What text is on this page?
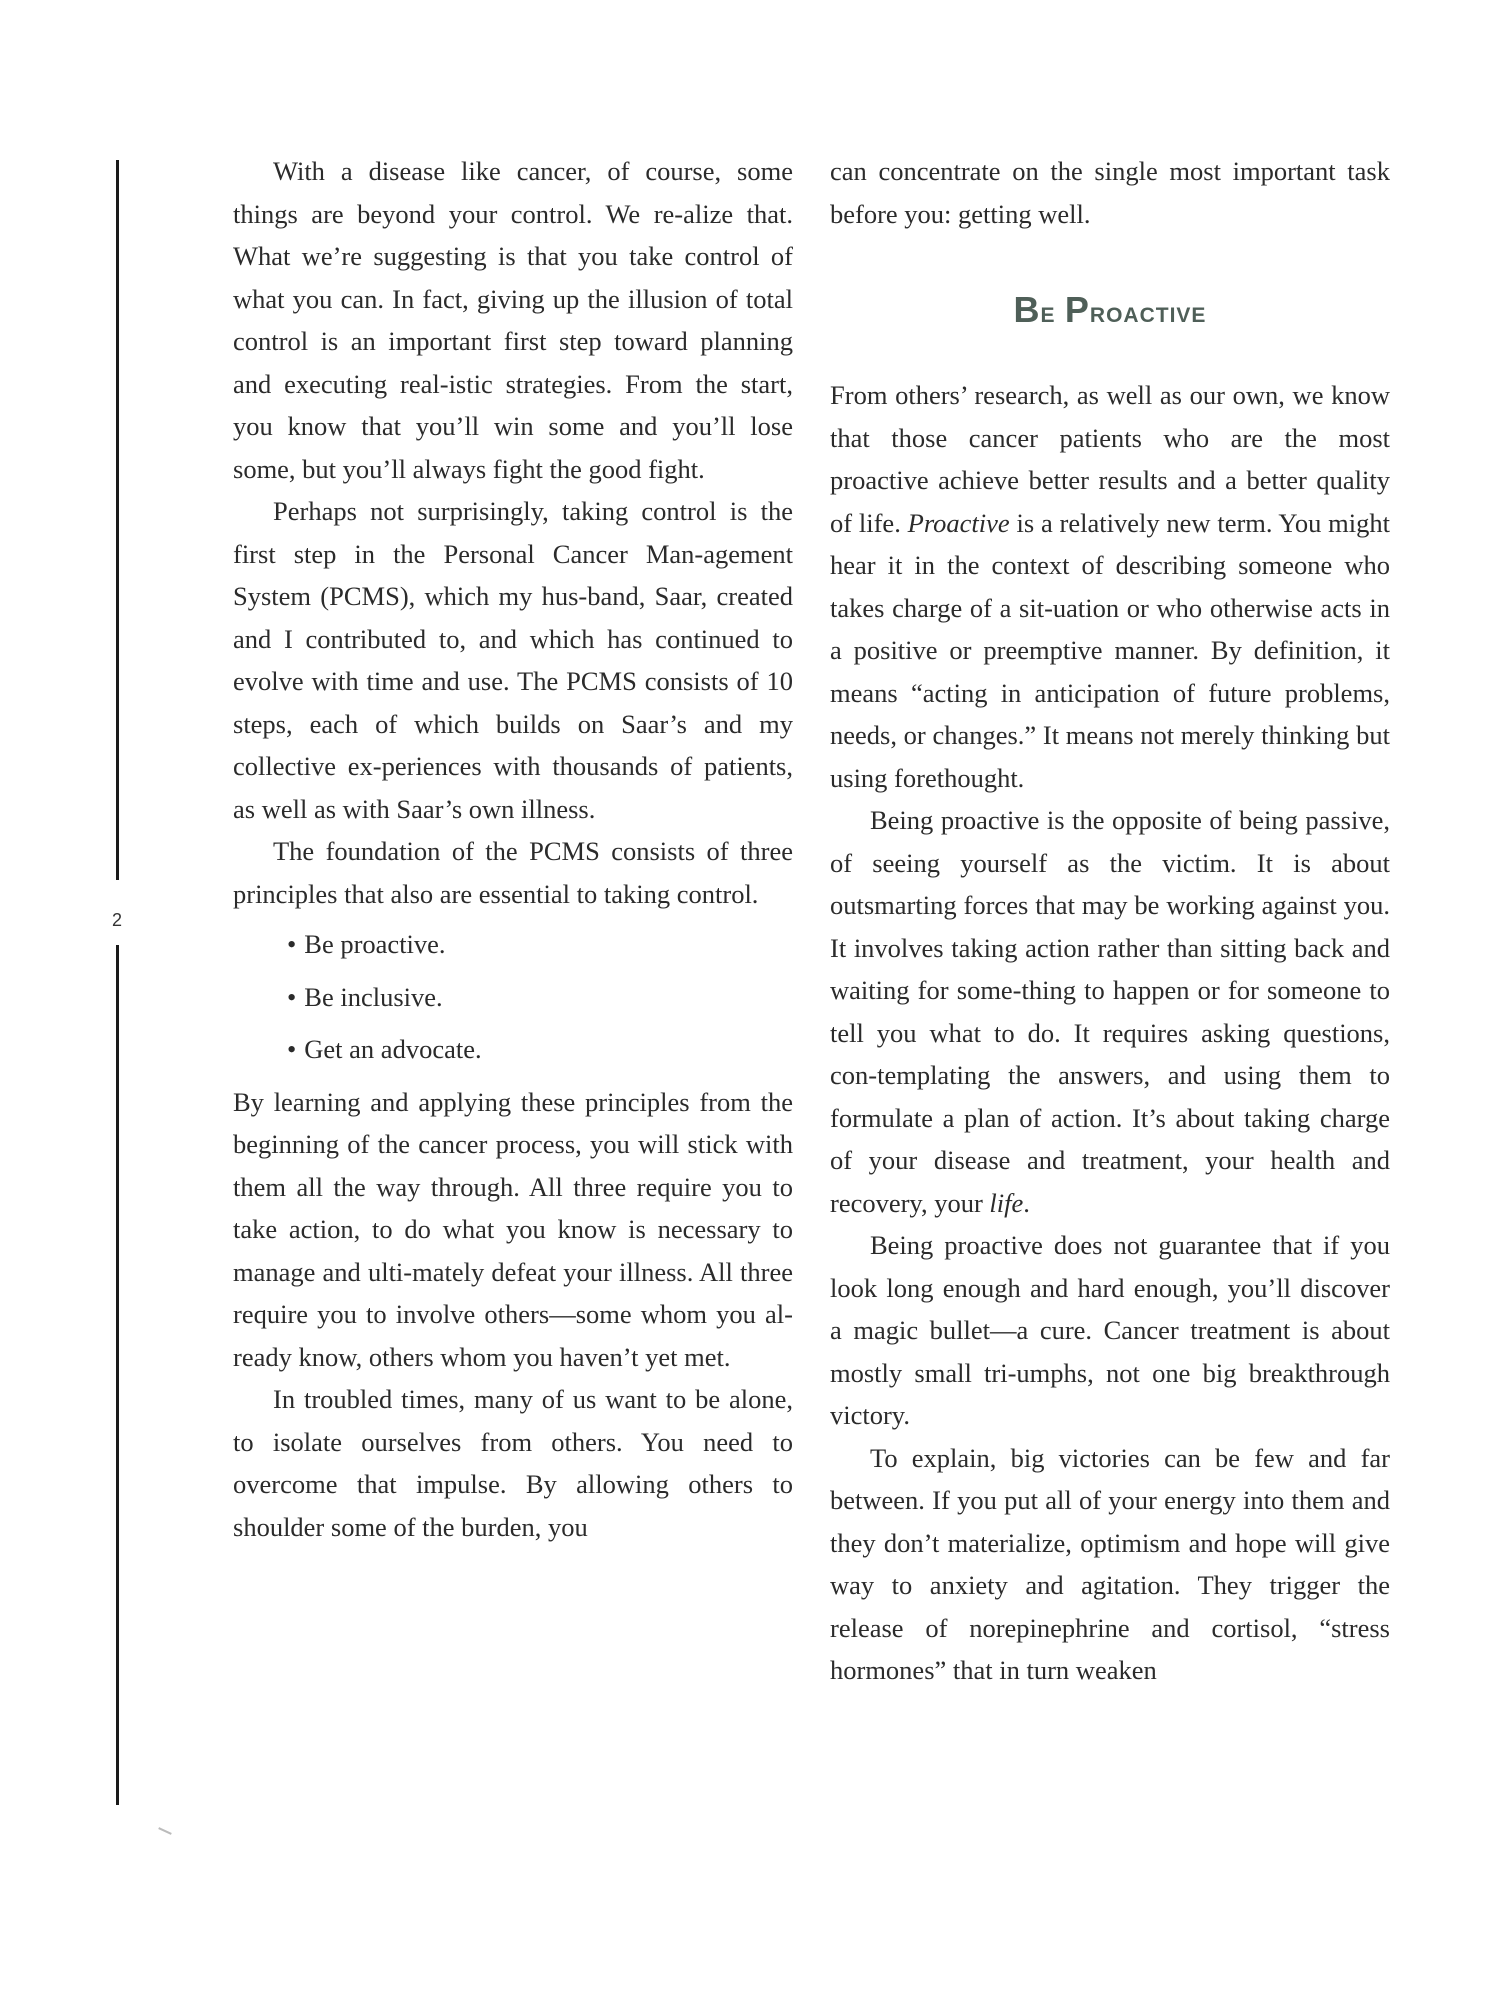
2

With a disease like cancer, of course, some things are beyond your control. We re-alize that. What we’re suggesting is that you take control of what you can. In fact, giving up the illusion of total control is an important first step toward planning and executing real-istic strategies. From the start, you know that you’ll win some and you’ll lose some, but you’ll always fight the good fight.

Perhaps not surprisingly, taking control is the first step in the Personal Cancer Man-agement System (PCMS), which my hus-band, Saar, created and I contributed to, and which has continued to evolve with time and use. The PCMS consists of 10 steps, each of which builds on Saar’s and my collective ex-periences with thousands of patients, as well as with Saar’s own illness.

The foundation of the PCMS consists of three principles that also are essential to taking control.

• Be proactive.
• Be inclusive.
• Get an advocate.

By learning and applying these principles from the beginning of the cancer process, you will stick with them all the way through. All three require you to take action, to do what you know is necessary to manage and ulti-mately defeat your illness. All three require you to involve others—some whom you al-ready know, others whom you haven’t yet met.

In troubled times, many of us want to be alone, to isolate ourselves from others. You need to overcome that impulse. By allowing others to shoulder some of the burden, you

can concentrate on the single most important task before you: getting well.

Be Proactive

From others’ research, as well as our own, we know that those cancer patients who are the most proactive achieve better results and a better quality of life. Proactive is a relatively new term. You might hear it in the context of describing someone who takes charge of a sit-uation or who otherwise acts in a positive or preemptive manner. By definition, it means “acting in anticipation of future problems, needs, or changes.” It means not merely thinking but using forethought.

Being proactive is the opposite of being passive, of seeing yourself as the victim. It is about outsmarting forces that may be working against you. It involves taking action rather than sitting back and waiting for some-thing to happen or for someone to tell you what to do. It requires asking questions, con-templating the answers, and using them to formulate a plan of action. It’s about taking charge of your disease and treatment, your health and recovery, your life.

Being proactive does not guarantee that if you look long enough and hard enough, you’ll discover a magic bullet—a cure. Cancer treatment is about mostly small tri-umphs, not one big breakthrough victory.

To explain, big victories can be few and far between. If you put all of your energy into them and they don’t materialize, optimism and hope will give way to anxiety and agitation. They trigger the release of norepinephrine and cortisol, “stress hormones” that in turn weaken
